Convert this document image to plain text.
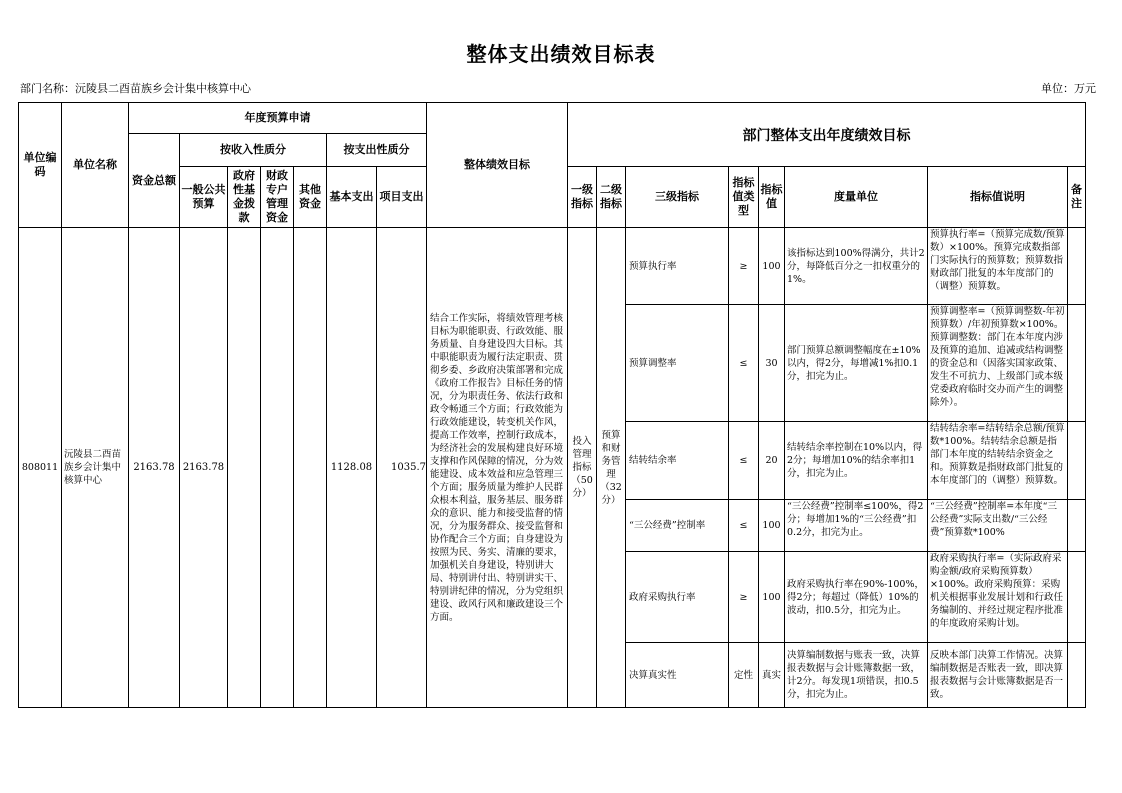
整体支出绩效目标表
部门名称：沅陵县二酉苗族乡会计集中核算中心	单位：万元
单位编码	单位名称	年度预算申请							整体绩效目标	部门整体支出年度绩效目标							
		资金总额	按收入性质分				按支出性质分										
			一般公共预算	政府性基金拨款	财政专户管理资金	其他资金	基本支出	项目支出		一级指标	二级指标	三级指标	指标值类型	指标值	度量单位	指标值说明	备注

808011	沅陵县二酉苗族乡会计集中核算中心	2163.78	2163.78				1128.08	1035.7	结合工作实际，将绩效管理考核目标为职能职责、行政效能、服务质量、自身建设四大目标。其中职能职责为履行法定职责、贯彻乡委、乡政府决策部署和完成《政府工作报告》目标任务的情况，分为职责任务、依法行政和政令畅通三个方面；行政效能为行政效能建设，转变机关作风，提高工作效率，控制行政成本，为经济社会的发展构建良好环境支撑和作风保障的情况，分为效能建设、成本效益和应急管理三个方面；服务质量为维护人民群众根本利益，服务基层、服务群众的意识、能力和接受监督的情况，分为服务群众、接受监督和协作配合三个方面；自身建设为按照为民、务实、清廉的要求，加强机关自身建设，特别讲大局、特别讲付出、特别讲实干、特别讲纪律的情况，分为党组织建设、政风行风和廉政建设三个方面。	投入管理指标（50分）	预算和财务管理（32分）	预算执行率	≥	100	该指标达到100%得满分，共计2分，每降低百分之一扣权重分的1%。	预算执行率=（预算完成数/预算数）×100%。预算完成数指部门实际执行的预算数；预算数指财政部门批复的本年度部门的（调整）预算数。	

												预算调整率	≤	30	部门预算总额调整幅度在±10%以内，得2分，每增减1%扣0.1分，扣完为止。	预算调整率=（预算调整数-年初预算数）/年初预算数×100%。预算调整数：部门在本年度内涉及预算的追加、追减或结构调整的资金总和（因落实国家政策、发生不可抗力、上级部门或本级党委政府临时交办而产生的调整除外）。	

												结转结余率	≤	20	结转结余率控制在10%以内，得2分；每增加10%的结余率扣1分，扣完为止。	结转结余率=结转结余总额/预算数*100%。结转结余总额是指部门本年度的结转结余资金之和。预算数是指财政部门批复的本年度部门的（调整）预算数。	

												“三公经费”控制率	≤	100	“三公经费”控制率≤100%，得2分；每增加1%的“三公经费”扣0.2分，扣完为止。	“三公经费”控制率=本年度“三公经费”实际支出数/“三公经费”预算数*100%	

												政府采购执行率	≥	100	政府采购执行率在90%-100%，得2分；每超过（降低）10%的波动，扣0.5分，扣完为止。	政府采购执行率=（实际政府采购金额/政府采购预算数）×100%。政府采购预算：采购机关根据事业发展计划和行政任务编制的、并经过规定程序批准的年度政府采购计划。	

												决算真实性	定性	真实	决算编制数据与账表一致，决算报表数据与会计账簿数据一致，计2分。每发现1项错误，扣0.5分，扣完为止。	反映本部门决算工作情况。决算编制数据是否账表一致，即决算报表数据与会计账簿数据是否一致。	
